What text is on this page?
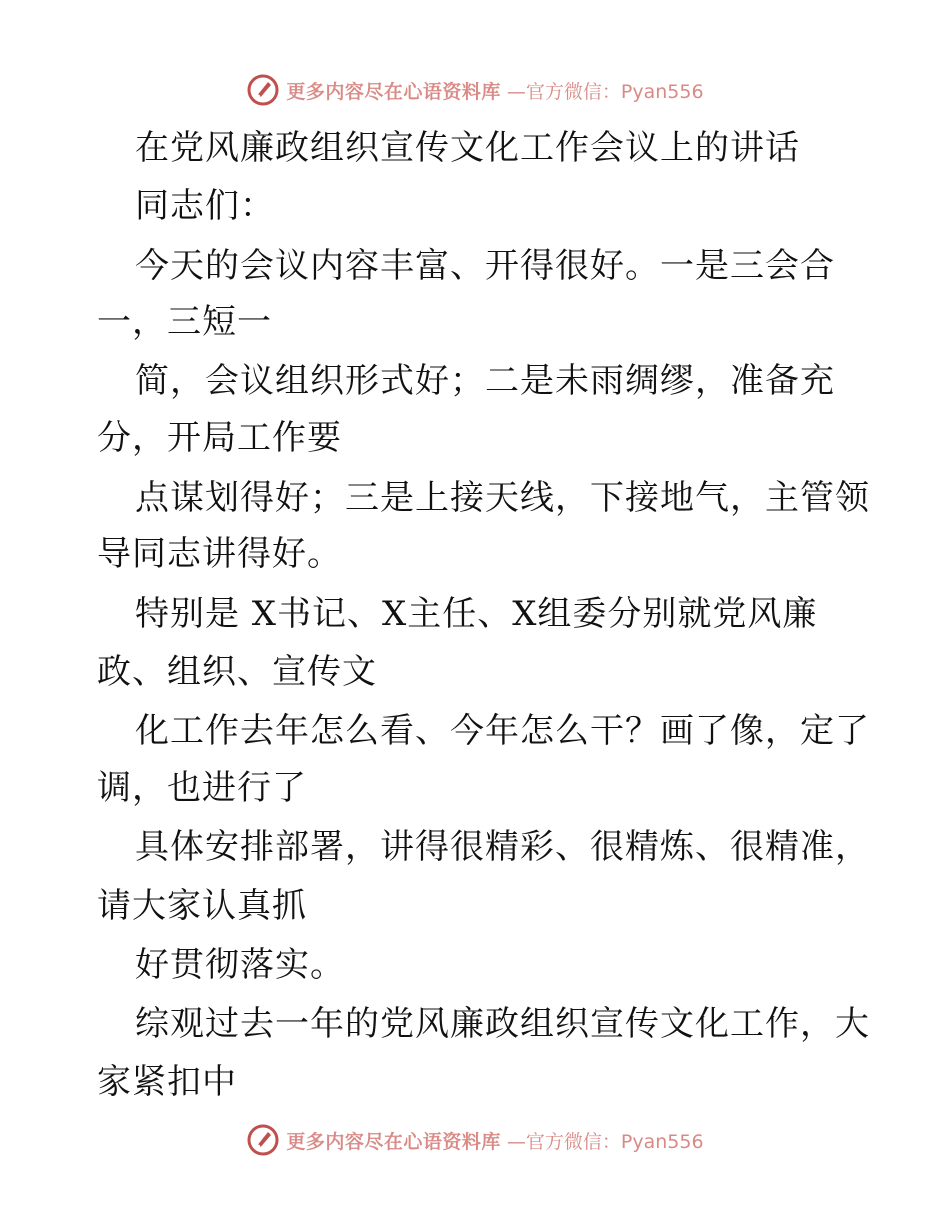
更多内容尽在心语资料库 —官方微信：Pyan556
在党风廉政组织宣传文化工作会议上的讲话
同志们：
今天的会议内容丰富、开得很好。一是三会合
一，三短一
简，会议组织形式好；二是未雨绸缪，准备充
分，开局工作要
点谋划得好；三是上接天线，下接地气，主管领
导同志讲得好。
特别是 X书记、X主任、X组委分别就党风廉
政、组织、宣传文
化工作去年怎么看、今年怎么干？画了像，定了
调，也进行了
具体安排部署，讲得很精彩、很精炼、很精准，
请大家认真抓
好贯彻落实。
综观过去一年的党风廉政组织宣传文化工作，大
家紧扣中
更多内容尽在心语资料库 —官方微信：Pyan556
